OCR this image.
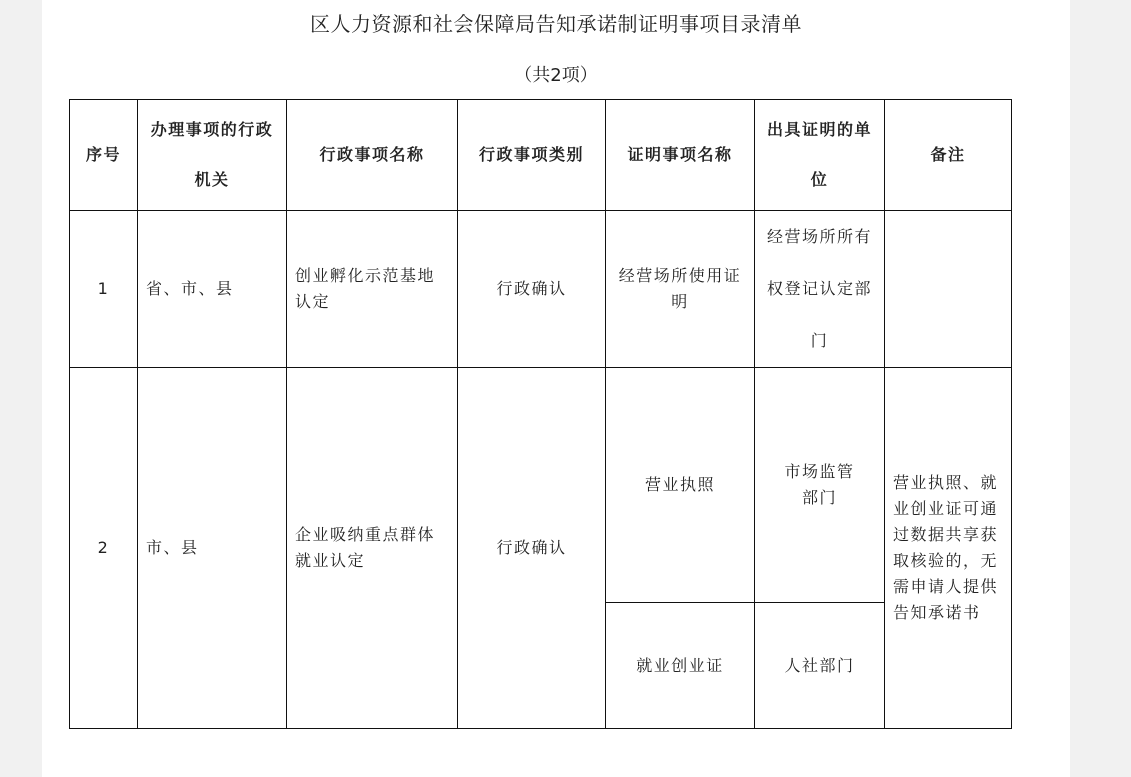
区人力资源和社会保障局告知承诺制证明事项目录清单
（共2项）
序号	办理事项的行政机关	行政事项名称	行政事项类别	证明事项名称	出具证明的单位	备注
1	省、市、县	创业孵化示范基地认定	行政确认	经营场所使用证明	经营场所所有权登记认定部门	
2	市、县	企业吸纳重点群体就业认定	行政确认	营业执照	市场监管部门	营业执照、就业创业证可通过数据共享获取核验的，无需申请人提供告知承诺书
				就业创业证	人社部门	
